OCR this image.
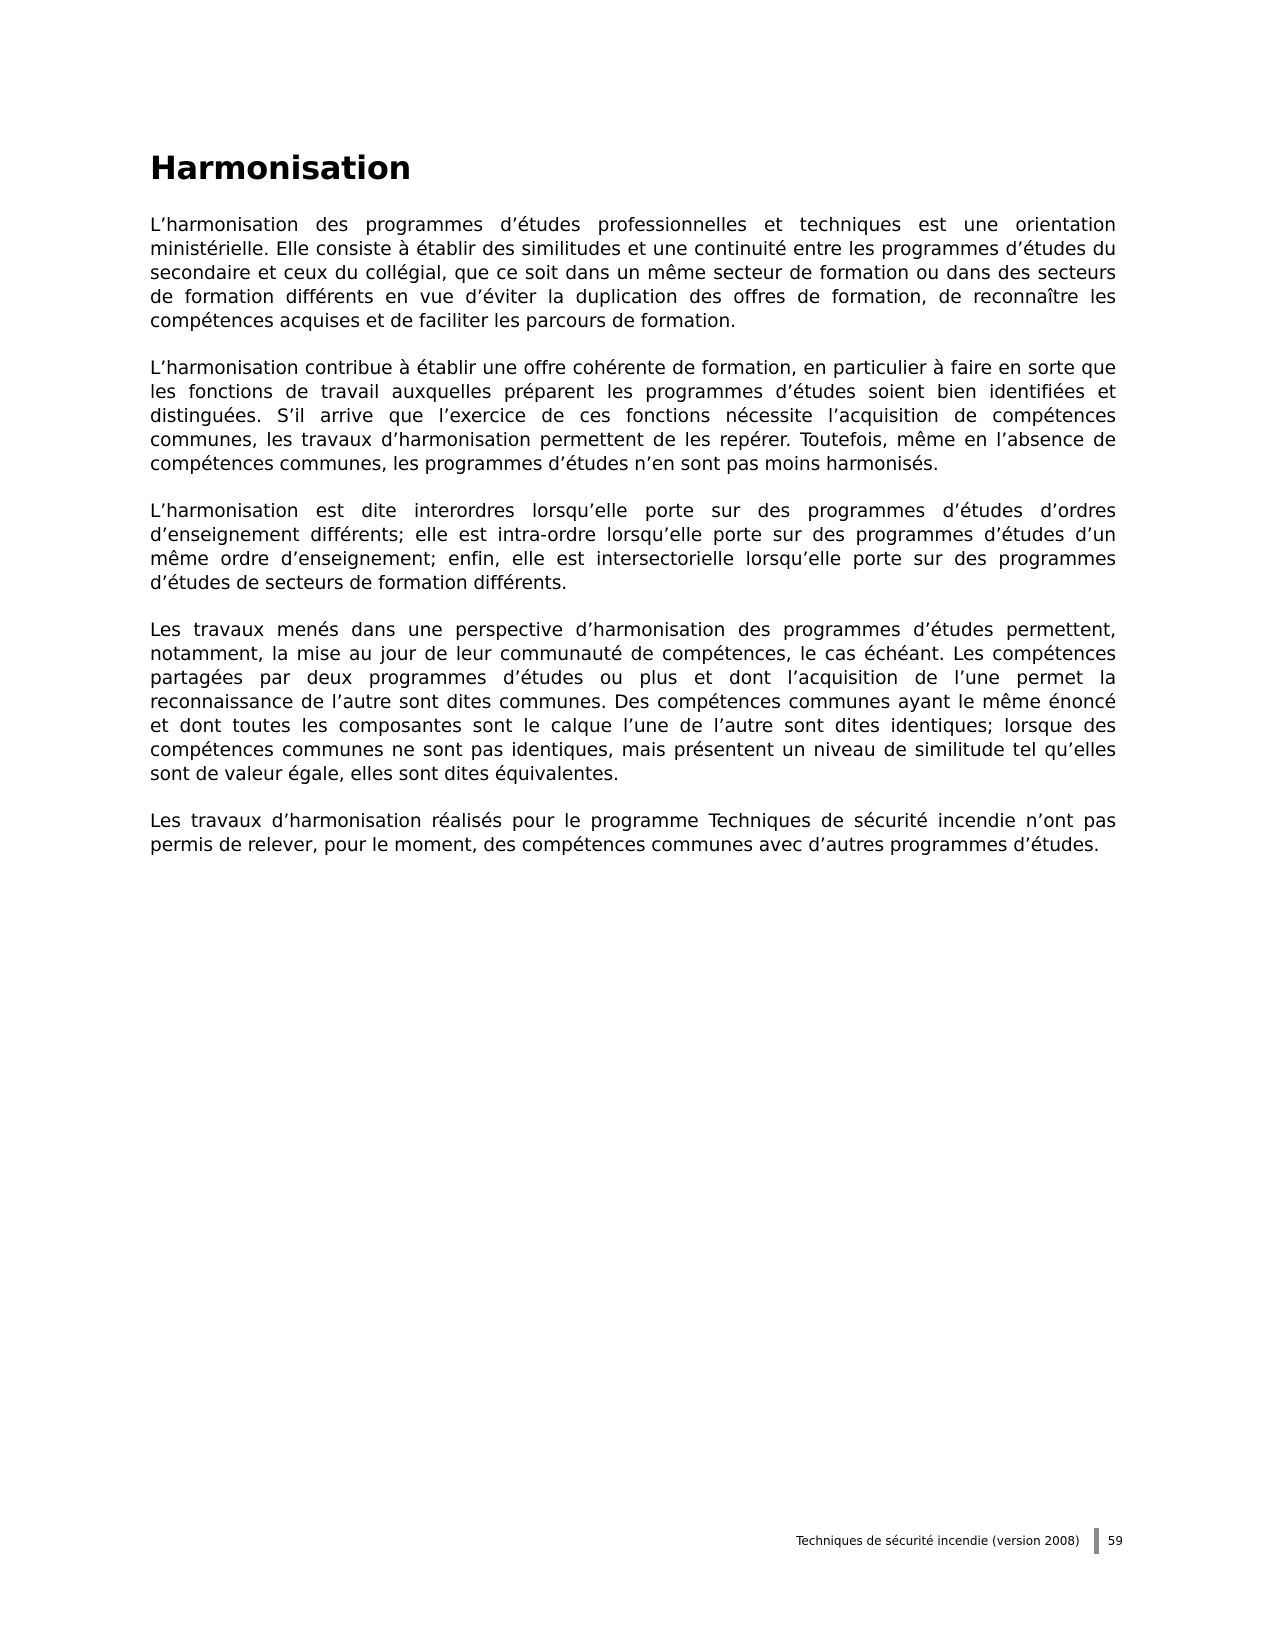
Harmonisation

L’harmonisation des programmes d’études professionnelles et techniques est une orientation ministérielle. Elle consiste à établir des similitudes et une continuité entre les programmes d’études du secondaire et ceux du collégial, que ce soit dans un même secteur de formation ou dans des secteurs de formation différents en vue d’éviter la duplication des offres de formation, de reconnaître les compétences acquises et de faciliter les parcours de formation.

L’harmonisation contribue à établir une offre cohérente de formation, en particulier à faire en sorte que les fonctions de travail auxquelles préparent les programmes d’études soient bien identifiées et distinguées. S’il arrive que l’exercice de ces fonctions nécessite l’acquisition de compétences communes, les travaux d’harmonisation permettent de les repérer. Toutefois, même en l’absence de compétences communes, les programmes d’études n’en sont pas moins harmonisés.

L’harmonisation est dite interordres lorsqu’elle porte sur des programmes d’études d’ordres d’enseignement différents; elle est intra-ordre lorsqu’elle porte sur des programmes d’études d’un même ordre d’enseignement; enfin, elle est intersectorielle lorsqu’elle porte sur des programmes d’études de secteurs de formation différents.

Les travaux menés dans une perspective d’harmonisation des programmes d’études permettent, notamment, la mise au jour de leur communauté de compétences, le cas échéant. Les compétences partagées par deux programmes d’études ou plus et dont l’acquisition de l’une permet la reconnaissance de l’autre sont dites communes. Des compétences communes ayant le même énoncé et dont toutes les composantes sont le calque l’une de l’autre sont dites identiques; lorsque des compétences communes ne sont pas identiques, mais présentent un niveau de similitude tel qu’elles sont de valeur égale, elles sont dites équivalentes.

Les travaux d’harmonisation réalisés pour le programme Techniques de sécurité incendie n’ont pas permis de relever, pour le moment, des compétences communes avec d’autres programmes d’études.

Techniques de sécurité incendie (version 2008) 59
